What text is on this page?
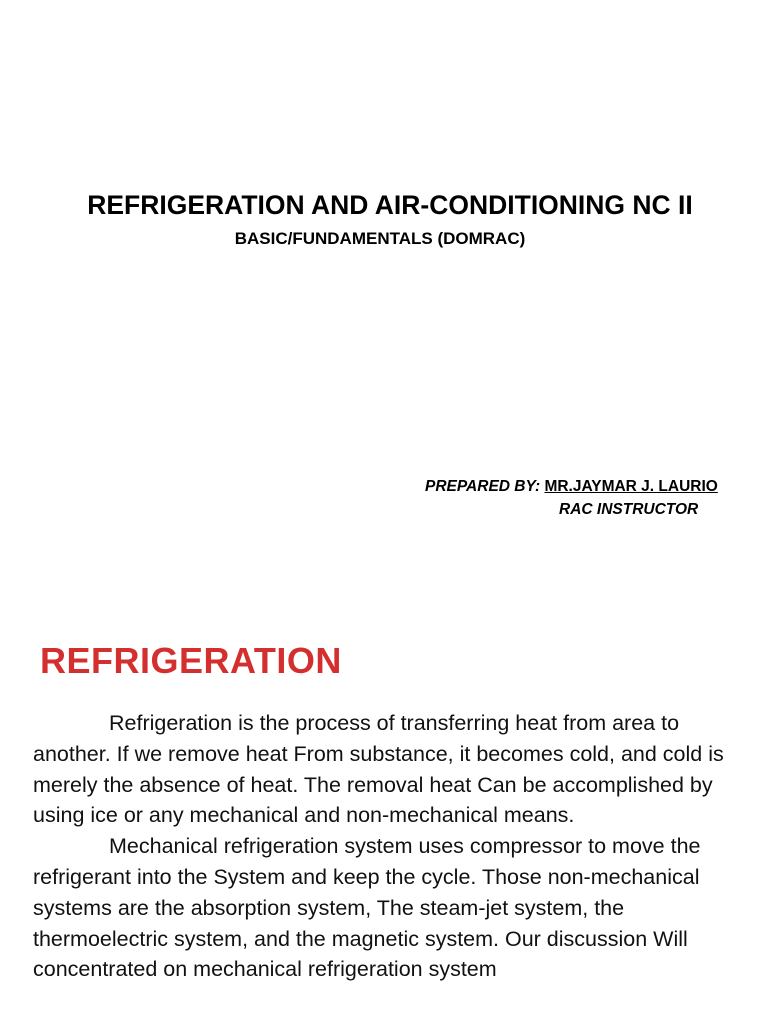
REFRIGERATION AND AIR-CONDITIONING NC II
BASIC/FUNDAMENTALS (DOMRAC)
PREPARED BY: MR.JAYMAR J. LAURIO
RAC INSTRUCTOR
REFRIGERATION

Refrigeration is the process of transferring heat from area to another. If we remove heat From substance, it becomes cold, and cold is merely the absence of heat. The removal heat Can be accomplished by using ice or any mechanical and non-mechanical means.

Mechanical refrigeration system uses compressor to move the refrigerant into the System and keep the cycle. Those non-mechanical systems are the absorption system, The steam-jet system, the thermoelectric system, and the magnetic system. Our discussion Will concentrated on mechanical refrigeration system
